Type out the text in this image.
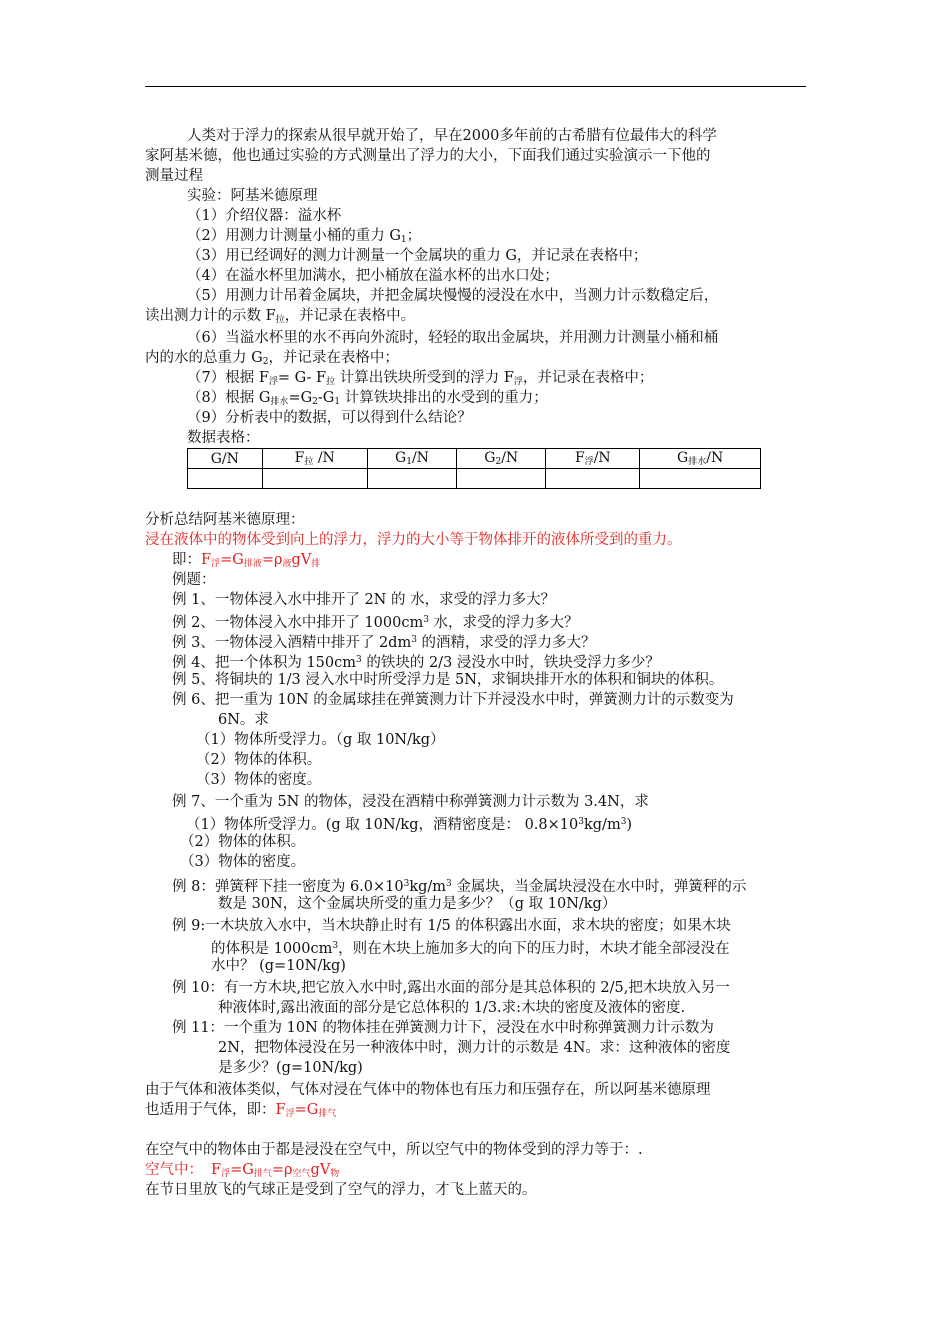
人类对于浮力的探索从很早就开始了，早在2000多年前的古希腊有位最伟大的科学
家阿基米德，他也通过实验的方式测量出了浮力的大小，下面我们通过实验演示一下他的
测量过程
实验：阿基米德原理
（1）介绍仪器：溢水杯
（2）用测力计测量小桶的重力 $G_1$；
（3）用已经调好的测力计测量一个金属块的重力 G，并记录在表格中；
（4）在溢水杯里加满水，把小桶放在溢水杯的出水口处；
（5）用测力计吊着金属块，并把金属块慢慢的浸没在水中，当测力计示数稳定后，
读出测力计的示数 $F_拉$，并记录在表格中。
（6）当溢水杯里的水不再向外流时，轻轻的取出金属块，并用测力计测量小桶和桶
内的水的总重力 $G_2$，并记录在表格中；
（7）根据 $F_浮= G-$ $F_拉$ 计算出铁块所受到的浮力 $F_浮$，并记录在表格中；
（8）根据 $G_{排水}=G_2-G_1$ 计算铁块排出的水受到的重力；
（9）分析表中的数据，可以得到什么结论？
数据表格：
G/N	$F_拉$ /N	$G_1/N$	$G_2/N$	$F_浮/N$	$G_{排水}/N$

分析总结阿基米德原理：
浸在液体中的物体受到向上的浮力，浮力的大小等于物体排开的液体所受到的重力。
即：$F_浮=G_{排液}=\rho_液gV_排$
例题：
例 1、一物体浸入水中排开了 2N 的 水，求受的浮力多大？
例 2、一物体浸入水中排开了 $1000cm^3$ 水，求受的浮力多大？
例 3、一物体浸入酒精中排开了 $2dm^3$ 的酒精，求受的浮力多大？
例 4、把一个体积为 $150cm^3$ 的铁块的 2/3 浸没水中时，铁块受浮力多少？
例 5、将铜块的 1/3 浸入水中时所受浮力是 5N，求铜块排开水的体积和铜块的体积。
例 6、把一重为 10N 的金属球挂在弹簧测力计下并浸没水中时，弹簧测力计的示数变为
6N。求
（1）物体所受浮力。（g 取 10N/kg）
（2）物体的体积。
（3）物体的密度。
例 7、一个重为 5N 的物体，浸没在酒精中称弹簧测力计示数为 3.4N，求
（1）物体所受浮力。(g 取 10N/kg，酒精密度是： $0.8\times 10^3kg/m^3$)
（2）物体的体积。
（3）物体的密度。
例 8：弹簧秤下挂一密度为 $6.0\times 10^3kg/m^3$ 金属块，当金属块浸没在水中时，弹簧秤的示
数是 30N，这个金属块所受的重力是多少？（g 取 10N/kg）
例 9:一木块放入水中，当木块静止时有 1/5 的体积露出水面，求木块的密度；如果木块
的体积是 $1000cm^3$，则在木块上施加多大的向下的压力时，木块才能全部浸没在
水中？ (g=10N/kg)
例 10：有一方木块,把它放入水中时,露出水面的部分是其总体积的 2/5,把木块放入另一
种液体时,露出液面的部分是它总体积的 1/3.求:木块的密度及液体的密度.
例 11：一个重为 10N 的物体挂在弹簧测力计下，浸没在水中时称弹簧测力计示数为
2N，把物体浸没在另一种液体中时，测力计的示数是 4N。求：这种液体的密度
是多少？(g=10N/kg)
由于气体和液体类似，气体对浸在气体中的物体也有压力和压强存在，所以阿基米德原理
也适用于气体，即：$F_浮=G_{排气}$
在空气中的物体由于都是浸没在空气中，所以空气中的物体受到的浮力等于：.
空气中： $F_浮=G_{排气}=\rho_{空气}gV_物$
在节日里放飞的气球正是受到了空气的浮力，才飞上蓝天的。
